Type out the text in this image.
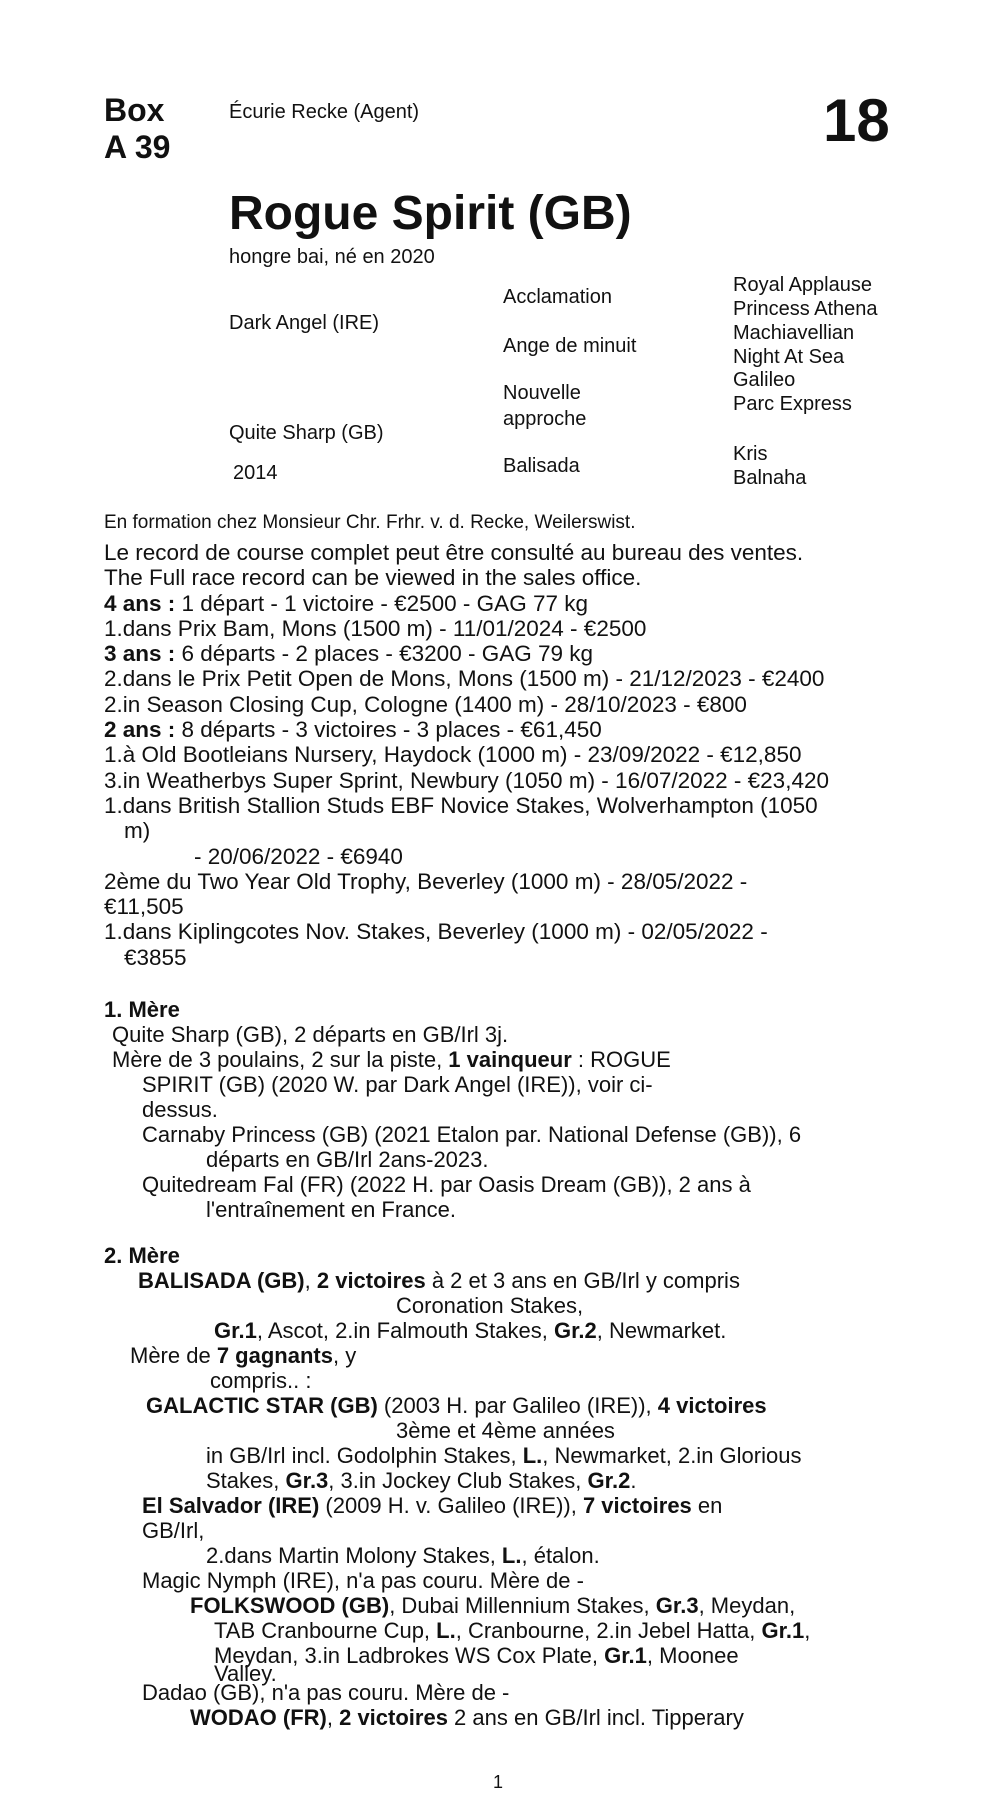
Box
A 39
Écurie Recke (Agent)	18
Rogue Spirit (GB)
hongre bai, né en 2020
Dark Angel (IRE)
Quite Sharp (GB)
2014
Acclamation
Ange de minuit
Nouvelle approche
Balisada
Royal Applause
Princess Athena
Machiavellian
Night At Sea
Galileo
Parc Express
Kris
Balnaha
En formation chez Monsieur Chr. Frhr. v. d. Recke, Weilerswist.
Le record de course complet peut être consulté au bureau des ventes.
The Full race record can be viewed in the sales office.
4 ans : 1 départ - 1 victoire - €2500 - GAG 77 kg
1.dans Prix Bam, Mons (1500 m) - 11/01/2024 - €2500
3 ans : 6 départs - 2 places - €3200 - GAG 79 kg
2.dans le Prix Petit Open de Mons, Mons (1500 m) - 21/12/2023 - €2400
2.in Season Closing Cup, Cologne (1400 m) - 28/10/2023 - €800
2 ans : 8 départs - 3 victoires - 3 places - €61,450
1.à Old Bootleians Nursery, Haydock (1000 m) - 23/09/2022 - €12,850
3.in Weatherbys Super Sprint, Newbury (1050 m) - 16/07/2022 - €23,420
1.dans British Stallion Studs EBF Novice Stakes, Wolverhampton (1050
m)
- 20/06/2022 - €6940
2ème du Two Year Old Trophy, Beverley (1000 m) - 28/05/2022 -
€11,505
1.dans Kiplingcotes Nov. Stakes, Beverley (1000 m) - 02/05/2022 -
€3855
1. Mère
Quite Sharp (GB), 2 départs en GB/Irl 3j.
Mère de 3 poulains, 2 sur la piste, 1 vainqueur : ROGUE
SPIRIT (GB) (2020 W. par Dark Angel (IRE)), voir ci-
dessus.
Carnaby Princess (GB) (2021 Etalon par. National Defense (GB)), 6
départs en GB/Irl 2ans-2023.
Quitedream Fal (FR) (2022 H. par Oasis Dream (GB)), 2 ans à
l'entraînement en France.
2. Mère
BALISADA (GB), 2 victoires à 2 et 3 ans en GB/Irl y compris
Coronation Stakes,
Gr.1, Ascot, 2.in Falmouth Stakes, Gr.2, Newmarket.
Mère de 7 gagnants, y
compris.. :
GALACTIC STAR (GB) (2003 H. par Galileo (IRE)), 4 victoires
3ème et 4ème années
in GB/Irl incl. Godolphin Stakes, L., Newmarket, 2.in Glorious
Stakes, Gr.3, 3.in Jockey Club Stakes, Gr.2.
El Salvador (IRE) (2009 H. v. Galileo (IRE)), 7 victoires en
GB/Irl,
2.dans Martin Molony Stakes, L., étalon.
Magic Nymph (IRE), n'a pas couru. Mère de -
FOLKSWOOD (GB), Dubai Millennium Stakes, Gr.3, Meydan,
TAB Cranbourne Cup, L., Cranbourne, 2.in Jebel Hatta, Gr.1,
Meydan, 3.in Ladbrokes WS Cox Plate, Gr.1, Moonee
Valley.
Dadao (GB), n'a pas couru. Mère de -
WODAO (FR), 2 victoires 2 ans en GB/Irl incl. Tipperary
1
